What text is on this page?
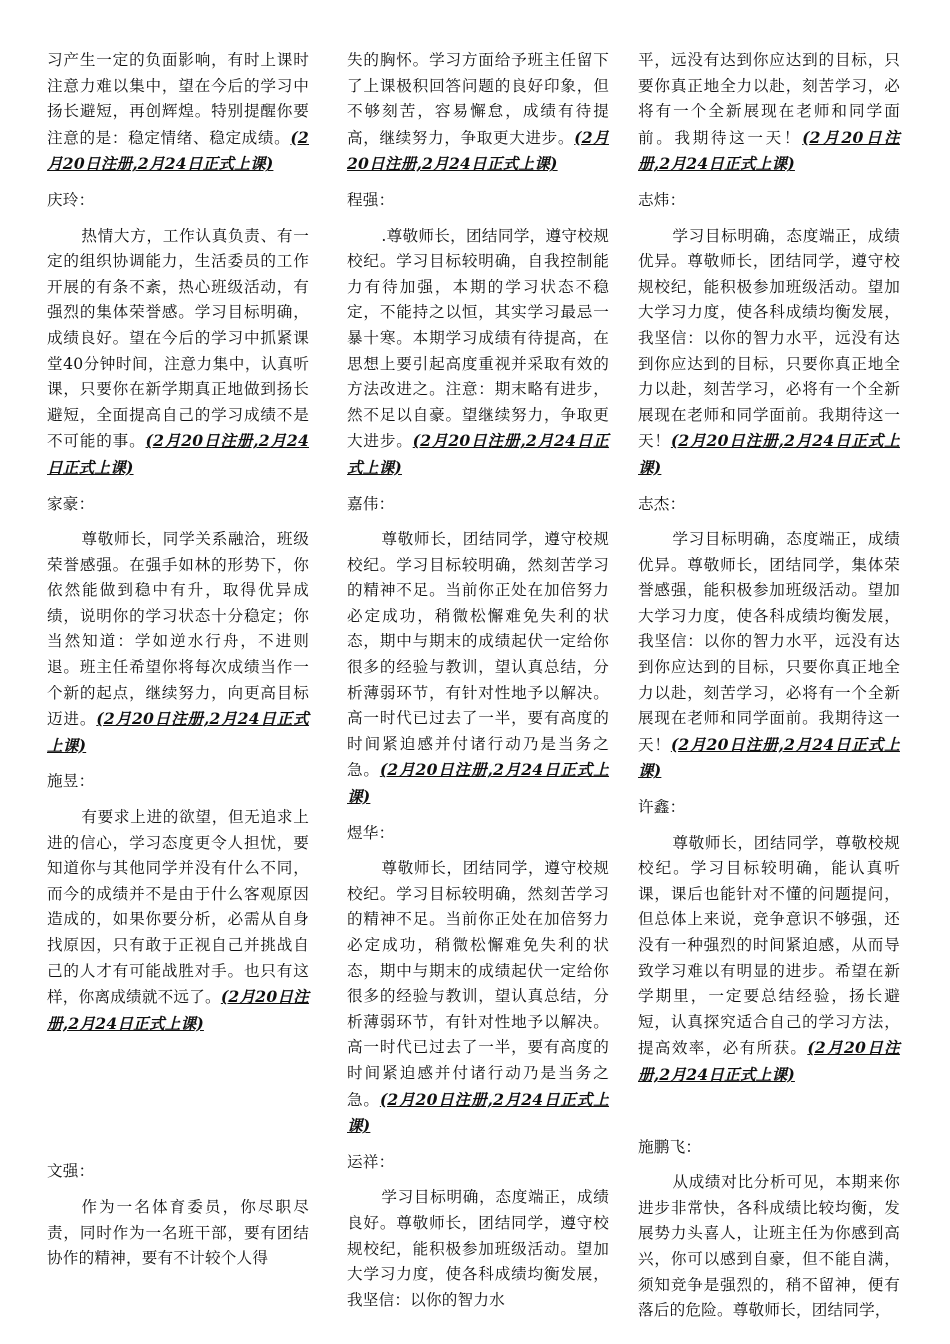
习产生一定的负面影响，有时上课时注意力难以集中，望在今后的学习中扬长避短，再创辉煌。特别提醒你要注意的是：稳定情绪、稳定成绩。(2月20日注册,2月24日正式上课)

庆玲：

热情大方，工作认真负责、有一定的组织协调能力，生活委员的工作开展的有条不紊，热心班级活动，有强烈的集体荣誉感。学习目标明确，成绩良好。望在今后的学习中抓紧课堂40分钟时间，注意力集中，认真听课，只要你在新学期真正地做到扬长避短，全面提高自己的学习成绩不是不可能的事。(2月20日注册,2月24日正式上课)

家豪：

尊敬师长，同学关系融洽，班级荣誉感强。在强手如林的形势下，你依然能做到稳中有升，取得优异成绩，说明你的学习状态十分稳定；你当然知道：学如逆水行舟，不进则退。班主任希望你将每次成绩当作一个新的起点，继续努力，向更高目标迈进。(2月20日注册,2月24日正式上课)

施昱：

有要求上进的欲望，但无追求上进的信心，学习态度更令人担忧，要知道你与其他同学并没有什么不同，而今的成绩并不是由于什么客观原因造成的，如果你要分析，必需从自身找原因，只有敢于正视自己并挑战自己的人才有可能战胜对手。也只有这样，你离成绩就不远了。(2月20日注册,2月24日正式上课)

文强：

作为一名体育委员，你尽职尽责，同时作为一名班干部，要有团结协作的精神，要有不计较个人得

失的胸怀。学习方面给予班主任留下了上课极积回答问题的良好印象，但不够刻苦，容易懈怠，成绩有待提高，继续努力，争取更大进步。(2月20日注册,2月24日正式上课)

程强：

.尊敬师长，团结同学，遵守校规校纪。学习目标较明确，自我控制能力有待加强，本期的学习状态不稳定，不能持之以恒，其实学习最忌一暴十寒。本期学习成绩有待提高，在思想上要引起高度重视并采取有效的方法改进之。注意：期末略有进步，然不足以自豪。望继续努力，争取更大进步。(2月20日注册,2月24日正式上课)

嘉伟：

尊敬师长，团结同学，遵守校规校纪。学习目标较明确，然刻苦学习的精神不足。当前你正处在加倍努力必定成功，稍微松懈难免失利的状态，期中与期末的成绩起伏一定给你很多的经验与教训，望认真总结，分析薄弱环节，有针对性地予以解决。高一时代已过去了一半，要有高度的时间紧迫感并付诸行动乃是当务之急。(2月20日注册,2月24日正式上课)

煜华：

尊敬师长，团结同学，遵守校规校纪。学习目标较明确，然刻苦学习的精神不足。当前你正处在加倍努力必定成功，稍微松懈难免失利的状态，期中与期末的成绩起伏一定给你很多的经验与教训，望认真总结，分析薄弱环节，有针对性地予以解决。高一时代已过去了一半，要有高度的时间紧迫感并付诸行动乃是当务之急。(2月20日注册,2月24日正式上课)

运祥：

学习目标明确，态度端正，成绩良好。尊敬师长，团结同学，遵守校规校纪，能积极参加班级活动。望加大学习力度，使各科成绩均衡发展，我坚信：以你的智力水

平，远没有达到你应达到的目标，只要你真正地全力以赴，刻苦学习，必将有一个全新展现在老师和同学面前。我期待这一天！(2月20日注册,2月24日正式上课)

志炜：

学习目标明确，态度端正，成绩优异。尊敬师长，团结同学，遵守校规校纪，能积极参加班级活动。望加大学习力度，使各科成绩均衡发展，我坚信：以你的智力水平，远没有达到你应达到的目标，只要你真正地全力以赴，刻苦学习，必将有一个全新展现在老师和同学面前。我期待这一天！(2月20日注册,2月24日正式上课)

志杰：

学习目标明确，态度端正，成绩优异。尊敬师长，团结同学，集体荣誉感强，能积极参加班级活动。望加大学习力度，使各科成绩均衡发展，我坚信：以你的智力水平，远没有达到你应达到的目标，只要你真正地全力以赴，刻苦学习，必将有一个全新展现在老师和同学面前。我期待这一天！(2月20日注册,2月24日正式上课)

许鑫：

尊敬师长，团结同学，尊敬校规校纪。学习目标较明确，能认真听课，课后也能针对不懂的问题提问，但总体上来说，竞争意识不够强，还没有一种强烈的时间紧迫感，从而导致学习难以有明显的进步。希望在新学期里，一定要总结经验，扬长避短，认真探究适合自己的学习方法，提高效率，必有所获。(2月20日注册,2月24日正式上课)

施鹏飞：

从成绩对比分析可见，本期来你进步非常快，各科成绩比较均衡，发展势力头喜人，让班主任为你感到高兴，你可以感到自豪，但不能自满，须知竞争是强烈的，稍不留神，便有落后的危险。尊敬师长，团结同学，
